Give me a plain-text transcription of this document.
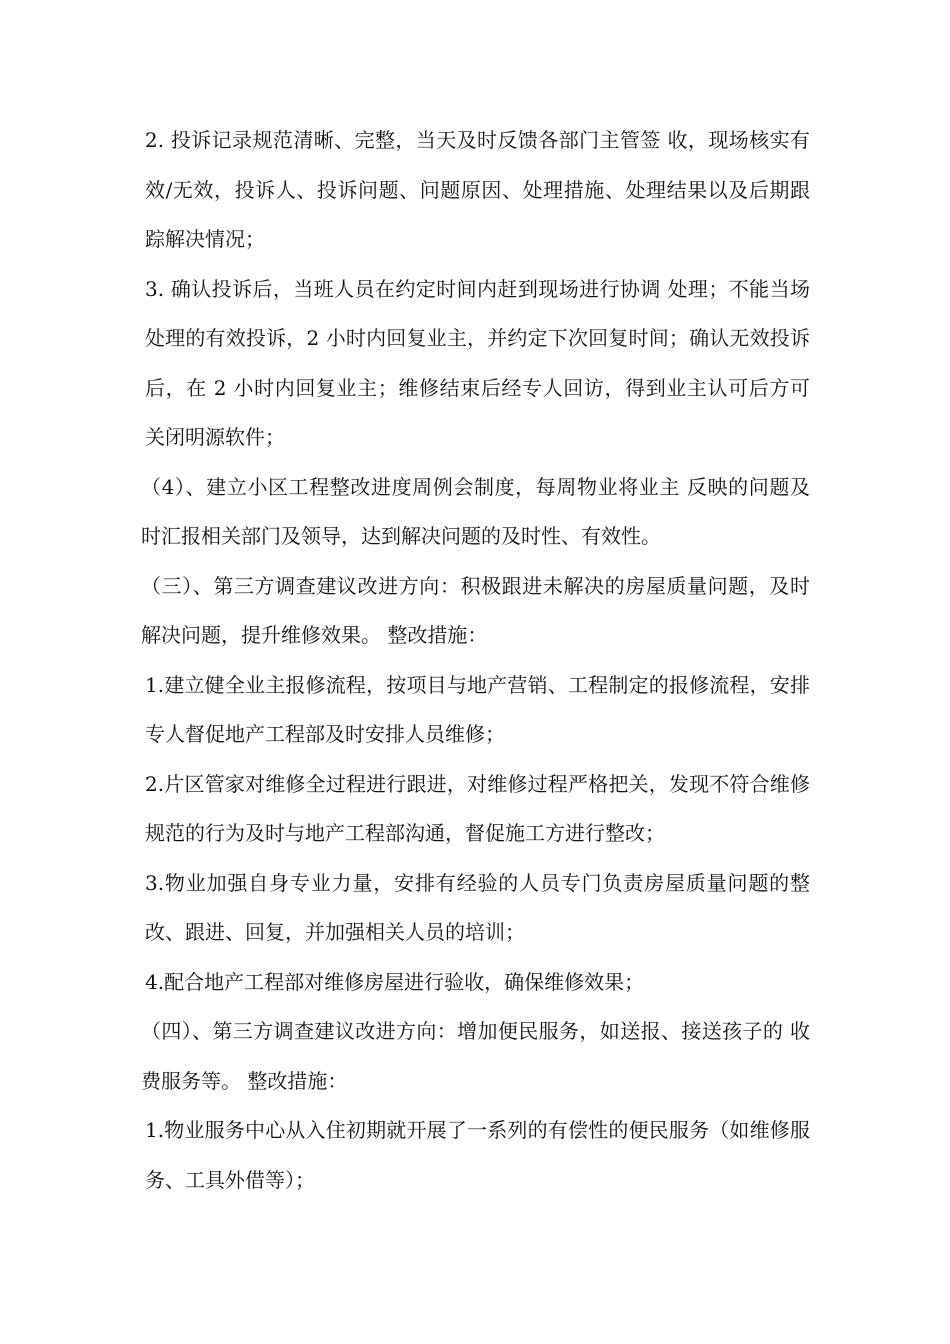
2. 投诉记录规范清晰、完整，当天及时反馈各部门主管签 收，现场核实有效/无效，投诉人、投诉问题、问题原因、处理措施、处理结果以及后期跟踪解决情况；

3. 确认投诉后，当班人员在约定时间内赶到现场进行协调 处理；不能当场处理的有效投诉，2 小时内回复业主，并约定下次回复时间；确认无效投诉后，在 2 小时内回复业主；维修结束后经专人回访，得到业主认可后方可关闭明源软件；

（4）、建立小区工程整改进度周例会制度，每周物业将业主 反映的问题及时汇报相关部门及领导，达到解决问题的及时性、有效性。

（三）、第三方调查建议改进方向：积极跟进未解决的房屋质量问题，及时解决问题，提升维修效果。 整改措施：

1.建立健全业主报修流程，按项目与地产营销、工程制定的报修流程，安排专人督促地产工程部及时安排人员维修；

2.片区管家对维修全过程进行跟进，对维修过程严格把关，发现不符合维修规范的行为及时与地产工程部沟通，督促施工方进行整改；

3.物业加强自身专业力量，安排有经验的人员专门负责房屋质量问题的整改、跟进、回复，并加强相关人员的培训；

4.配合地产工程部对维修房屋进行验收，确保维修效果；

（四）、第三方调查建议改进方向：增加便民服务，如送报、接送孩子的 收费服务等。 整改措施：

1.物业服务中心从入住初期就开展了一系列的有偿性的便民服务（如维修服务、工具外借等）；
